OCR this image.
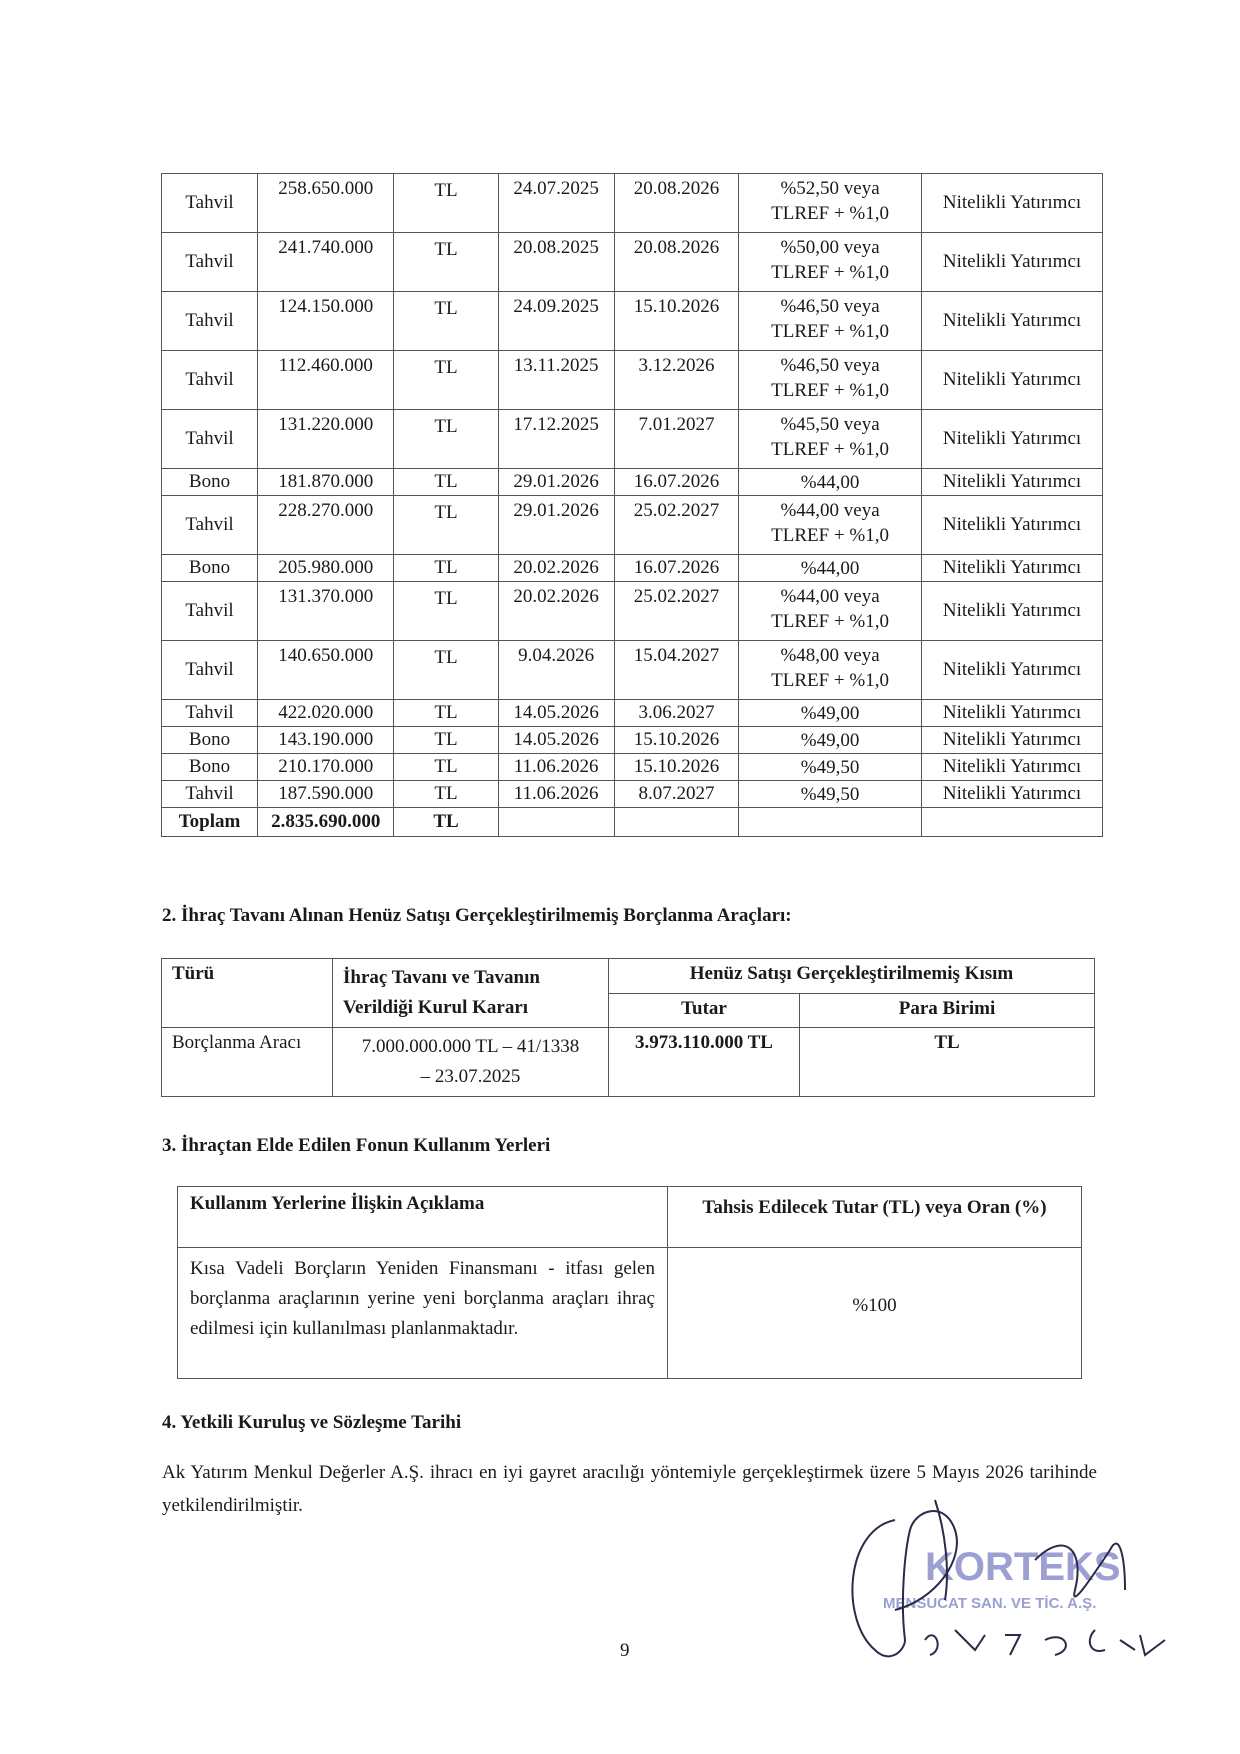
Tahvil	258.650.000	TL	24.07.2025	20.08.2026	%52,50 veya
TLREF + %1,0	Nitelikli Yatırımcı
Tahvil	241.740.000	TL	20.08.2025	20.08.2026	%50,00 veya
TLREF + %1,0	Nitelikli Yatırımcı
Tahvil	124.150.000	TL	24.09.2025	15.10.2026	%46,50 veya
TLREF + %1,0	Nitelikli Yatırımcı
Tahvil	112.460.000	TL	13.11.2025	3.12.2026	%46,50 veya
TLREF + %1,0	Nitelikli Yatırımcı
Tahvil	131.220.000	TL	17.12.2025	7.01.2027	%45,50 veya
TLREF + %1,0	Nitelikli Yatırımcı
Bono	181.870.000	TL	29.01.2026	16.07.2026	%44,00	Nitelikli Yatırımcı
Tahvil	228.270.000	TL	29.01.2026	25.02.2027	%44,00 veya
TLREF + %1,0	Nitelikli Yatırımcı
Bono	205.980.000	TL	20.02.2026	16.07.2026	%44,00	Nitelikli Yatırımcı
Tahvil	131.370.000	TL	20.02.2026	25.02.2027	%44,00 veya
TLREF + %1,0	Nitelikli Yatırımcı
Tahvil	140.650.000	TL	9.04.2026	15.04.2027	%48,00 veya
TLREF + %1,0	Nitelikli Yatırımcı
Tahvil	422.020.000	TL	14.05.2026	3.06.2027	%49,00	Nitelikli Yatırımcı
Bono	143.190.000	TL	14.05.2026	15.10.2026	%49,00	Nitelikli Yatırımcı
Bono	210.170.000	TL	11.06.2026	15.10.2026	%49,50	Nitelikli Yatırımcı
Tahvil	187.590.000	TL	11.06.2026	8.07.2027	%49,50	Nitelikli Yatırımcı
Toplam	2.835.690.000	TL				
2. İhraç Tavanı Alınan Henüz Satışı Gerçekleştirilmemiş Borçlanma Araçları:
Türü	İhraç Tavanı ve Tavanın Verildiği Kurul Kararı	Henüz Satışı Gerçekleştirilmemiş Kısım	
		Tutar	Para Birimi
Borçlanma Aracı	7.000.000.000 TL – 41/1338
– 23.07.2025	3.973.110.000 TL	TL
3. İhraçtan Elde Edilen Fonun Kullanım Yerleri
Kullanım Yerlerine İlişkin Açıklama	Tahsis Edilecek Tutar (TL) veya Oran (%)
Kısa Vadeli Borçların Yeniden Finansmanı - itfası gelen borçlanma araçlarının yerine yeni borçlanma araçları ihraç edilmesi için kullanılması planlanmaktadır.	%100
4. Yetkili Kuruluş ve Sözleşme Tarihi
Ak Yatırım Menkul Değerler A.Ş. ihracı en iyi gayret aracılığı yöntemiyle gerçekleştirmek üzere 5 Mayıs 2026 tarihinde yetkilendirilmiştir.
9
KORTEKS
MENSUCAT SAN. VE TİC. A.Ş.
